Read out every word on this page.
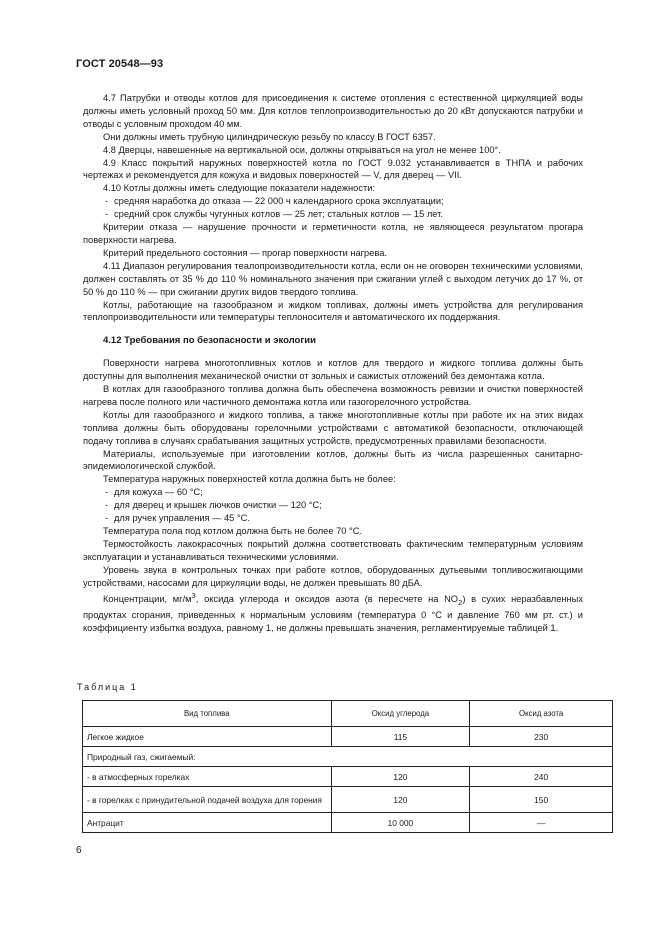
ГОСТ 20548—93

4.7 Патрубки и отводы котлов для присоединения к системе отопления с естественной циркуляцией воды должны иметь условный проход 50 мм. Для котлов теплопроизводительностью до 20 кВт допускаются патрубки и отводы с условным проходом 40 мм.

Они должны иметь трубную цилиндрическую резьбу по классу В ГОСТ 6357.

4.8 Дверцы, навешенные на вертикальной оси, должны открываться на угол не менее 100°.

4.9 Класс покрытий наружных поверхностей котла по ГОСТ 9.032 устанавливается в ТНПА и рабочих чертежах и рекомендуется для кожуха и видовых поверхностей — V, для дверец — VII.

4.10 Котлы должны иметь следующие показатели надежности:

- средняя наработка до отказа — 22 000 ч календарного срока эксплуатации;

- средний срок службы чугунных котлов — 25 лет; стальных котлов — 15 лет.

Критерии отказа — нарушение прочности и герметичности котла, не являющееся результатом прогара поверхности нагрева.

Критерий предельного состояния — прогар поверхности нагрева.

4.11 Диапазон регулирования теалопроизводительности котла, если он не оговорен техническими условиями, должен составлять от 35 % до 110 % номинального значения при сжигании углей с выходом летучих до 17 %, от 50 % до 110 % — при сжигании других видов твердого топлива.

Котлы, работающие на газообразном и жидком топливах, должны иметь устройства для регулирования теплопроизводительности или температуры теплоносителя и автоматического их поддержания.

4.12 Требования по безопасности и экологии

Поверхности нагрева многотопливных котлов и котлов для твердого и жидкого топлива должны быть доступны для выполнения механической очистки от зольных и сажистых отложений без демонтажа котла.

В котлах для газообразного топлива должна быть обеспечена возможность ревизии и очистки поверхностей нагрева после полного или частичного демонтажа котла или газогорелочного устройства.

Котлы для газообразного и жидкого топлива, а также многотопливные котлы при работе их на этих видах топлива должны быть оборудованы горелочными устройствами с автоматикой безопасности, отключающей подачу топлива в случаях срабатывания защитных устройств, предусмотренных правилами безопасности.

Материалы, используемые при изготовлении котлов, должны быть из числа разрешенных санитарно-эпидемиологической службой.

Температура наружных поверхностей котла должна быть не более:

- для кожуха — 60 °С;

- для дверец и крышек лючков очистки — 120 °С;

- для ручек управления — 45 °С.

Температура пола под котлом должна быть не более 70 °С.

Термостойкость лакокрасочных покрытий должна соответствовать фактическим температурным условиям эксплуатации и устанавливаться техническими условиями.

Уровень звука в контрольных точках при работе котлов, оборудованных дутьевыми топливосжигающими устройствами, насосами для циркуляции воды, не должен превышать 80 дБА.

Концентрации, $мг/м^3$, оксида углерода и оксидов азота (в пересчете на $NO_2$) в сухих неразбавленных продуктах сгорания, приведенных к нормальным условиям (температура 0 °С и давление 760 мм рт. ст.) и коэффициенту избытка воздуха, равному 1, не должны превышать значения, регламентируемые таблицей 1.

Таблица 1
Вид топлива	Оксид углерода	Оксид азота
Легкое жидкое	115	230
Природный газ, сжигаемый:		
- в атмосферных горелках	120	240
- в горелках с принудительной подачей воздуха для горения	120	150
Антрацит	10 000	—
6
